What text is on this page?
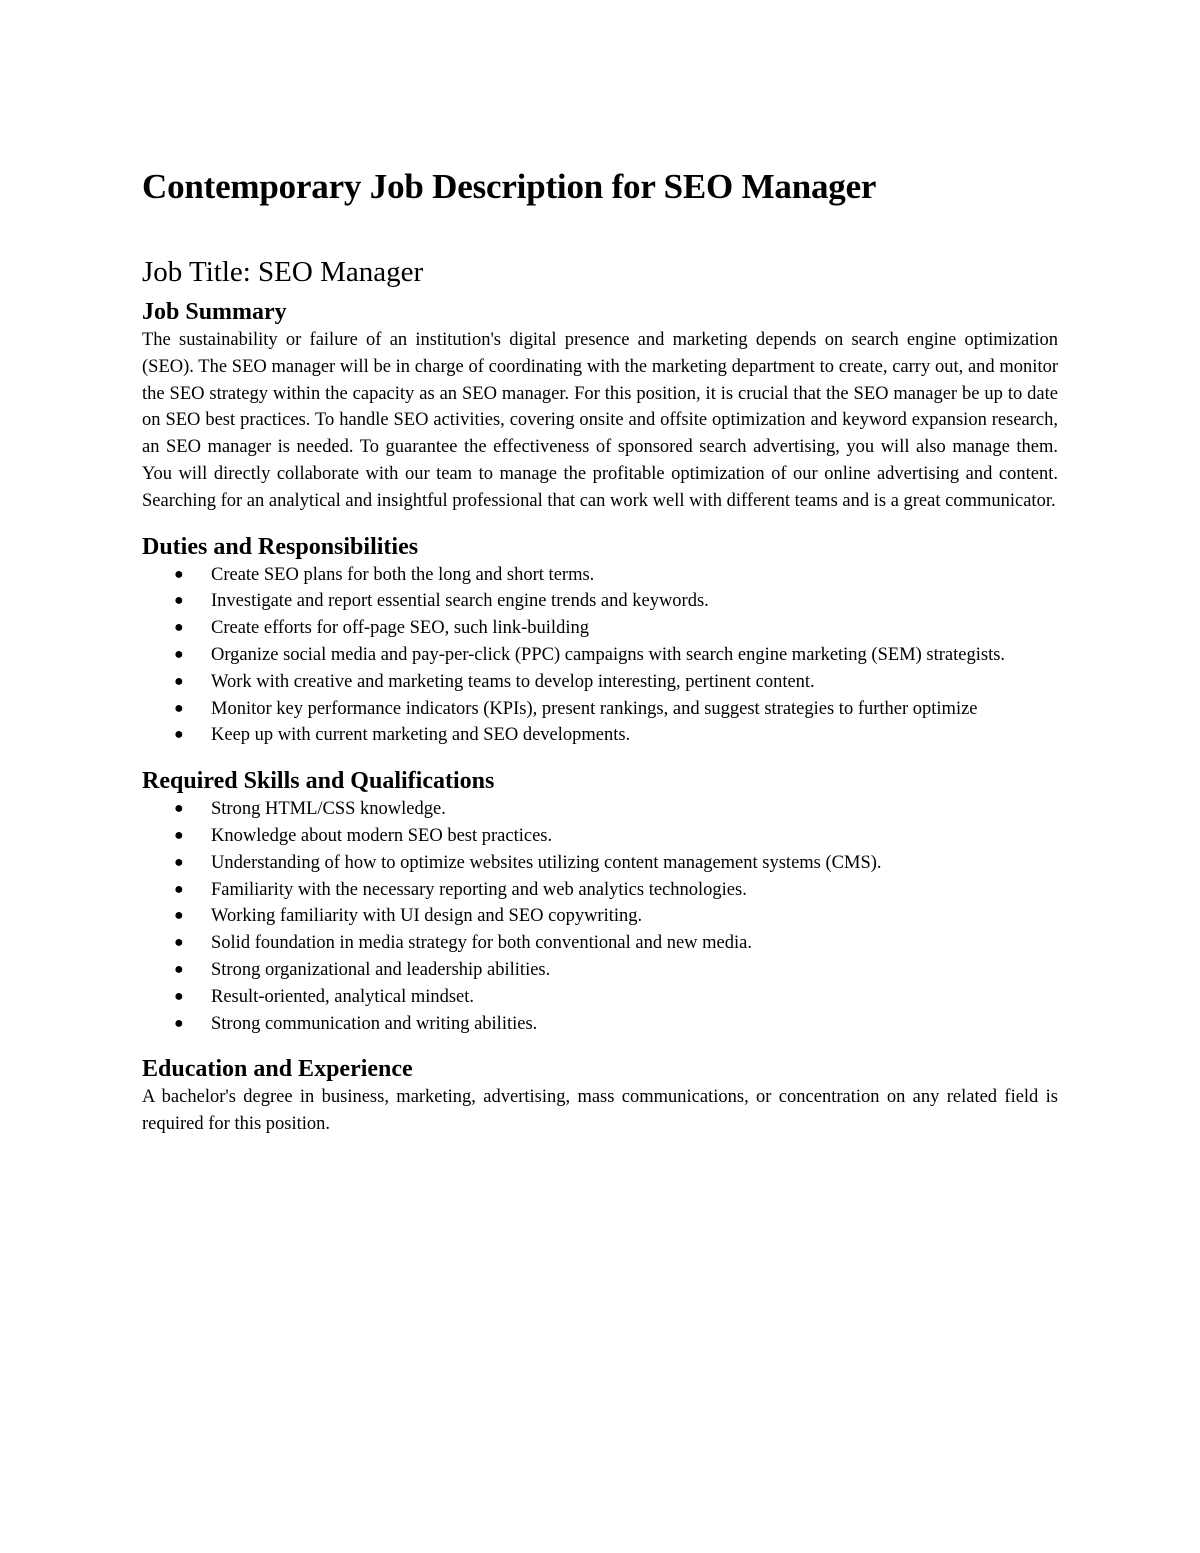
Contemporary Job Description for SEO Manager
Job Title: SEO Manager
Job Summary

The sustainability or failure of an institution's digital presence and marketing depends on search engine optimization (SEO). The SEO manager will be in charge of coordinating with the marketing department to create, carry out, and monitor the SEO strategy within the capacity as an SEO manager. For this position, it is crucial that the SEO manager be up to date on SEO best practices. To handle SEO activities, covering onsite and offsite optimization and keyword expansion research, an SEO manager is needed. To guarantee the effectiveness of sponsored search advertising, you will also manage them. You will directly collaborate with our team to manage the profitable optimization of our online advertising and content. Searching for an analytical and insightful professional that can work well with different teams and is a great communicator.

Duties and Responsibilities
● Create SEO plans for both the long and short terms.
● Investigate and report essential search engine trends and keywords.
● Create efforts for off-page SEO, such link-building
● Organize social media and pay-per-click (PPC) campaigns with search engine marketing (SEM) strategists.
● Work with creative and marketing teams to develop interesting, pertinent content.
● Monitor key performance indicators (KPIs), present rankings, and suggest strategies to further optimize
● Keep up with current marketing and SEO developments.
Required Skills and Qualifications
● Strong HTML/CSS knowledge.
● Knowledge about modern SEO best practices.
● Understanding of how to optimize websites utilizing content management systems (CMS).
● Familiarity with the necessary reporting and web analytics technologies.
● Working familiarity with UI design and SEO copywriting.
● Solid foundation in media strategy for both conventional and new media.
● Strong organizational and leadership abilities.
● Result-oriented, analytical mindset.
● Strong communication and writing abilities.
Education and Experience

A bachelor's degree in business, marketing, advertising, mass communications, or concentration on any related field is required for this position.
